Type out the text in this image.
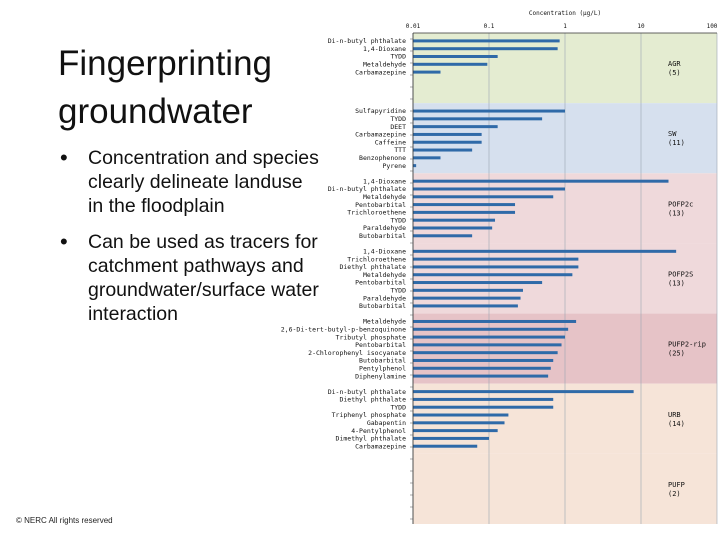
Fingerprinting
groundwater
•	Concentration and species clearly delineate landuse in the floodplain
•	Can be used as tracers for catchment pathways and groundwater/surface water interaction
© NERC All rights reserved
Di-n-butyl phthalate
1,4-Dioxane
TYDD
Metaldehyde
Carbamazepine
AGR
(5)
Sulfapyridine
TYDD
DEET
Carbamazepine
Caffeine
TTT
Benzophenone
Pyrene
SW
(11)
1,4-Dioxane
Di-n-butyl phthalate
Metaldehyde
Pentobarbital
Trichloroethene
TYDD
Paraldehyde
Butobarbital
POFP2c
(13)
1,4-Dioxane
Trichloroethene
Diethyl phthalate
Metaldehyde
Pentobarbital
TYDD
Paraldehyde
Butobarbital
POFP2S
(13)
Metaldehyde
2,6-Di-tert-butyl-p-benzoquinone
Tributyl phosphate
Pentobarbital
2-Chlorophenyl isocyanate
Butobarbital
Pentylphenol
Diphenylamine
PUFP2-rip
(25)
Di-n-butyl phthalate
Diethyl phthalate
TYDD
Triphenyl phosphate
Gabapentin
4-Pentylphenol
Dimethyl phthalate
Carbamazepine
URB
(14)
PUFP
(2)
0.01	0.1	1	10	100
Concentration (µg/L)
